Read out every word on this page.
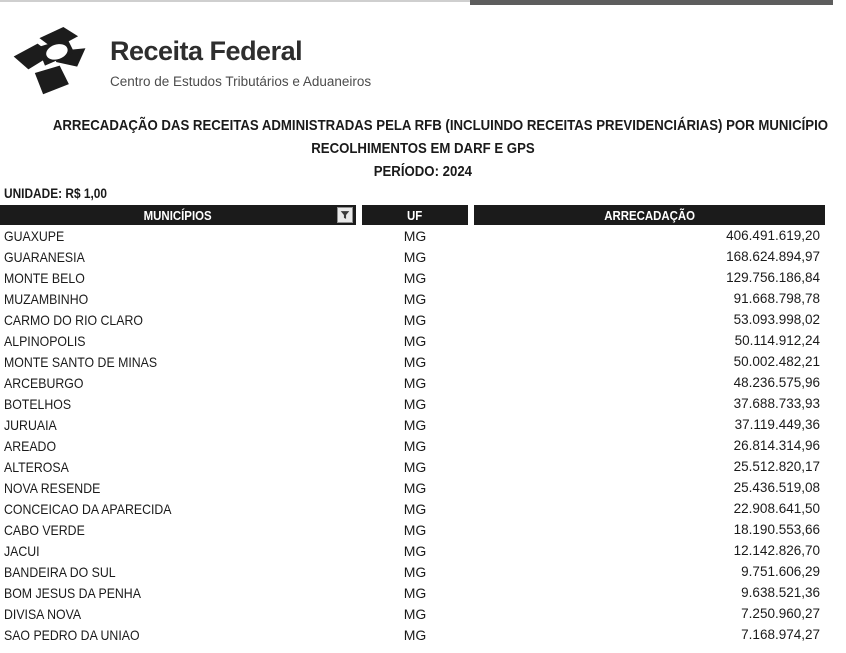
Receita Federal
Centro de Estudos Tributários e Aduaneiros
ARRECADAÇÃO DAS RECEITAS ADMINISTRADAS PELA RFB (INCLUINDO RECEITAS PREVIDENCIÁRIAS) POR MUNICÍPIO
RECOLHIMENTOS EM DARF E GPS
PERÍODO: 2024
UNIDADE: R$ 1,00
MUNICÍPIOS	UF	ARRECADAÇÃO
GUAXUPE	MG	406.491.619,20
GUARANESIA	MG	168.624.894,97
MONTE BELO	MG	129.756.186,84
MUZAMBINHO	MG	91.668.798,78
CARMO DO RIO CLARO	MG	53.093.998,02
ALPINOPOLIS	MG	50.114.912,24
MONTE SANTO DE MINAS	MG	50.002.482,21
ARCEBURGO	MG	48.236.575,96
BOTELHOS	MG	37.688.733,93
JURUAIA	MG	37.119.449,36
AREADO	MG	26.814.314,96
ALTEROSA	MG	25.512.820,17
NOVA RESENDE	MG	25.436.519,08
CONCEICAO DA APARECIDA	MG	22.908.641,50
CABO VERDE	MG	18.190.553,66
JACUI	MG	12.142.826,70
BANDEIRA DO SUL	MG	9.751.606,29
BOM JESUS DA PENHA	MG	9.638.521,36
DIVISA NOVA	MG	7.250.960,27
SAO PEDRO DA UNIAO	MG	7.168.974,27
